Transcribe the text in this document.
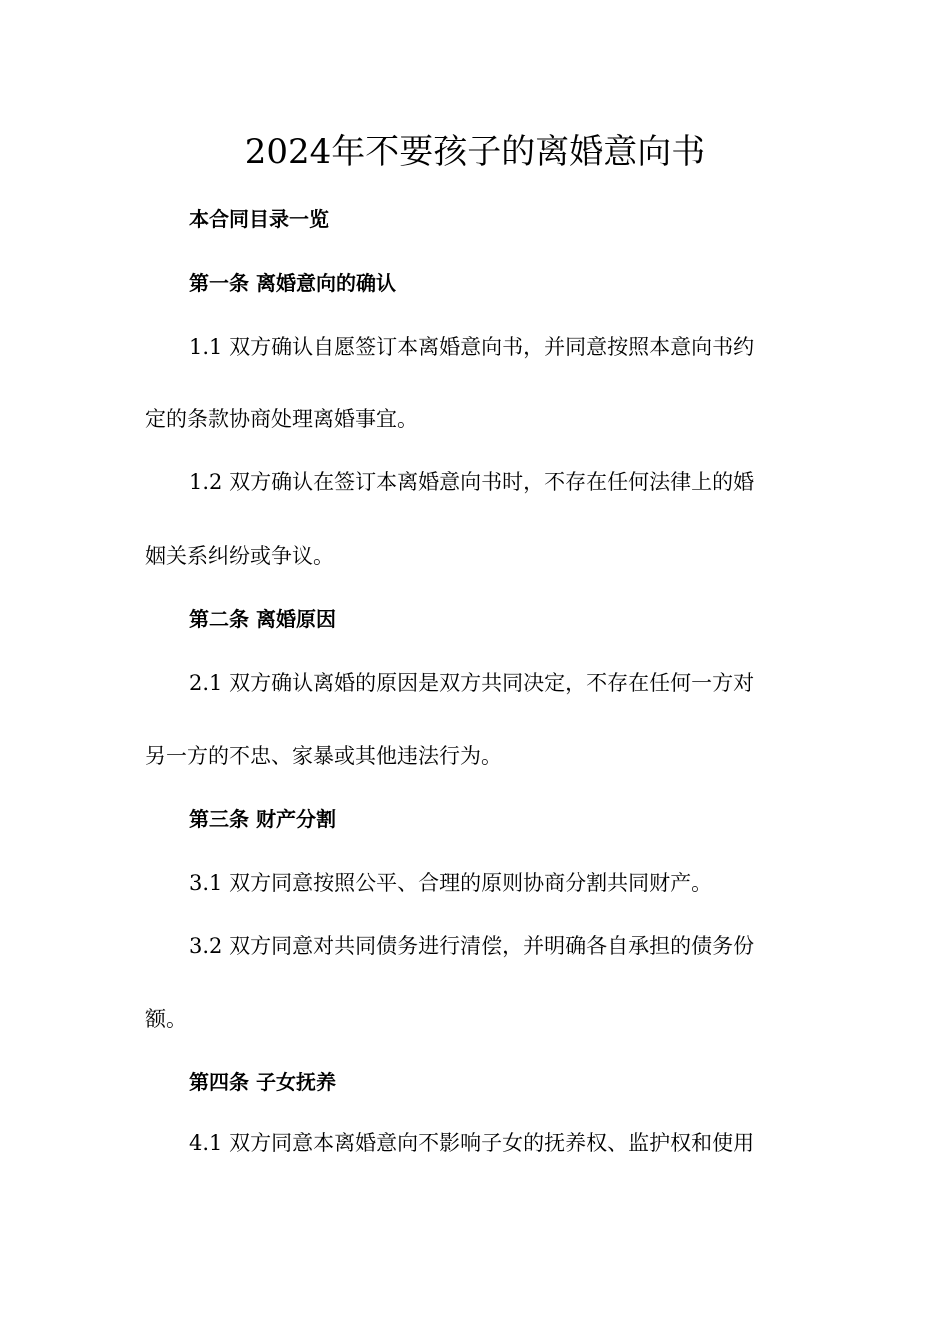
2024年不要孩子的离婚意向书

本合同目录一览

第一条 离婚意向的确认

1.1 双方确认自愿签订本离婚意向书，并同意按照本意向书约

定的条款协商处理离婚事宜。

1.2 双方确认在签订本离婚意向书时，不存在任何法律上的婚

姻关系纠纷或争议。

第二条 离婚原因

2.1 双方确认离婚的原因是双方共同决定，不存在任何一方对

另一方的不忠、家暴或其他违法行为。

第三条 财产分割

3.1 双方同意按照公平、合理的原则协商分割共同财产。

3.2 双方同意对共同债务进行清偿，并明确各自承担的债务份

额。

第四条 子女抚养

4.1 双方同意本离婚意向不影响子女的抚养权、监护权和使用
